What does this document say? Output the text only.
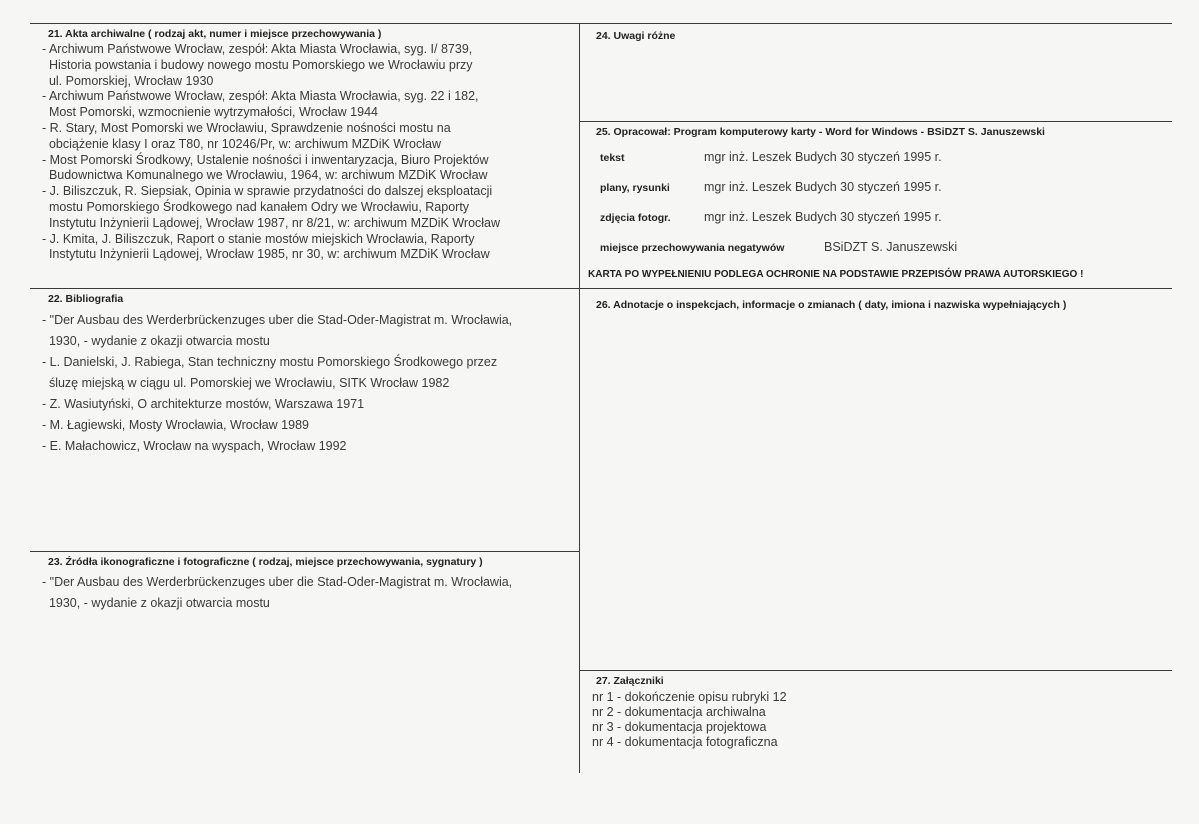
21. Akta archiwalne ( rodzaj akt, numer i miejsce przechowywania )
- Archiwum Państwowe Wrocław, zespół: Akta Miasta Wrocławia, syg. I/ 8739,
Historia powstania i budowy nowego mostu Pomorskiego we Wrocławiu przy
ul. Pomorskiej, Wrocław 1930
- Archiwum Państwowe Wrocław, zespół: Akta Miasta Wrocławia, syg. 22 i 182,
Most Pomorski, wzmocnienie wytrzymałości, Wrocław 1944
- R. Stary, Most Pomorski we Wrocławiu, Sprawdzenie nośności mostu na
obciążenie klasy I oraz T80, nr 10246/Pr, w: archiwum MZDiK Wrocław
- Most Pomorski Środkowy, Ustalenie nośności i inwentaryzacja, Biuro Projektów
Budownictwa Komunalnego we Wrocławiu, 1964, w: archiwum MZDiK Wrocław
- J. Biliszczuk, R. Siepsiak, Opinia w sprawie przydatności do dalszej eksploatacji
mostu Pomorskiego Środkowego nad kanałem Odry we Wrocławiu, Raporty
Instytutu Inżynierii Lądowej, Wrocław 1987, nr 8/21, w: archiwum MZDiK Wrocław
- J. Kmita, J. Biliszczuk, Raport o stanie mostów miejskich Wrocławia, Raporty
Instytutu Inżynierii Lądowej, Wrocław 1985, nr 30, w: archiwum MZDiK Wrocław
22. Bibliografia
- "Der Ausbau des Werderbrückenzuges uber die Stad-Oder-Magistrat m. Wrocławia,
1930, - wydanie z okazji otwarcia mostu
- L. Danielski, J. Rabiega, Stan techniczny mostu Pomorskiego Środkowego przez
śluzę miejską w ciągu ul. Pomorskiej we Wrocławiu, SITK Wrocław 1982
- Z. Wasiutyński, O architekturze mostów, Warszawa 1971
- M. Łagiewski, Mosty Wrocławia, Wrocław 1989
- E. Małachowicz, Wrocław na wyspach, Wrocław 1992
23. Źródła ikonograficzne i fotograficzne ( rodzaj, miejsce przechowywania, sygnatury )
- "Der Ausbau des Werderbrückenzuges uber die Stad-Oder-Magistrat m. Wrocławia,
1930, - wydanie z okazji otwarcia mostu
24. Uwagi różne
25. Opracował: Program komputerowy karty - Word for Windows - BSiDZT S. Januszewski
tekst	mgr inż. Leszek Budych 30 styczeń 1995 r.
plany, rysunki	mgr inż. Leszek Budych 30 styczeń 1995 r.
zdjęcia fotogr.	mgr inż. Leszek Budych 30 styczeń 1995 r.
miejsce przechowywania negatywów	BSiDZT S. Januszewski
KARTA PO WYPEŁNIENIU PODLEGA OCHRONIE NA PODSTAWIE PRZEPISÓW PRAWA AUTORSKIEGO !
26. Adnotacje o inspekcjach, informacje o zmianach ( daty, imiona i nazwiska wypełniających )
27. Załączniki
nr 1 - dokończenie opisu rubryki 12
nr 2 - dokumentacja archiwalna
nr 3 - dokumentacja projektowa
nr 4 - dokumentacja fotograficzna
